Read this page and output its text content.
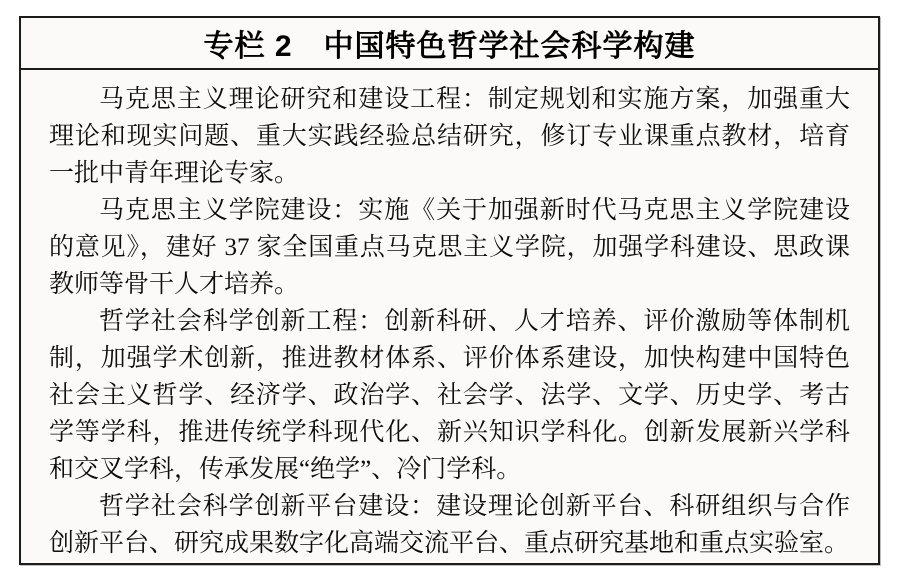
专栏 2　中国特色哲学社会科学构建
马克思主义理论研究和建设工程：制定规划和实施方案，加强重大
理论和现实问题、重大实践经验总结研究，修订专业课重点教材，培育
一批中青年理论专家。
马克思主义学院建设：实施《关于加强新时代马克思主义学院建设
的意见》，建好 37 家全国重点马克思主义学院，加强学科建设、思政课
教师等骨干人才培养。
哲学社会科学创新工程：创新科研、人才培养、评价激励等体制机
制，加强学术创新，推进教材体系、评价体系建设，加快构建中国特色
社会主义哲学、经济学、政治学、社会学、法学、文学、历史学、考古
学等学科，推进传统学科现代化、新兴知识学科化。创新发展新兴学科
和交叉学科，传承发展“绝学”、冷门学科。
哲学社会科学创新平台建设：建设理论创新平台、科研组织与合作
创新平台、研究成果数字化高端交流平台、重点研究基地和重点实验室。
